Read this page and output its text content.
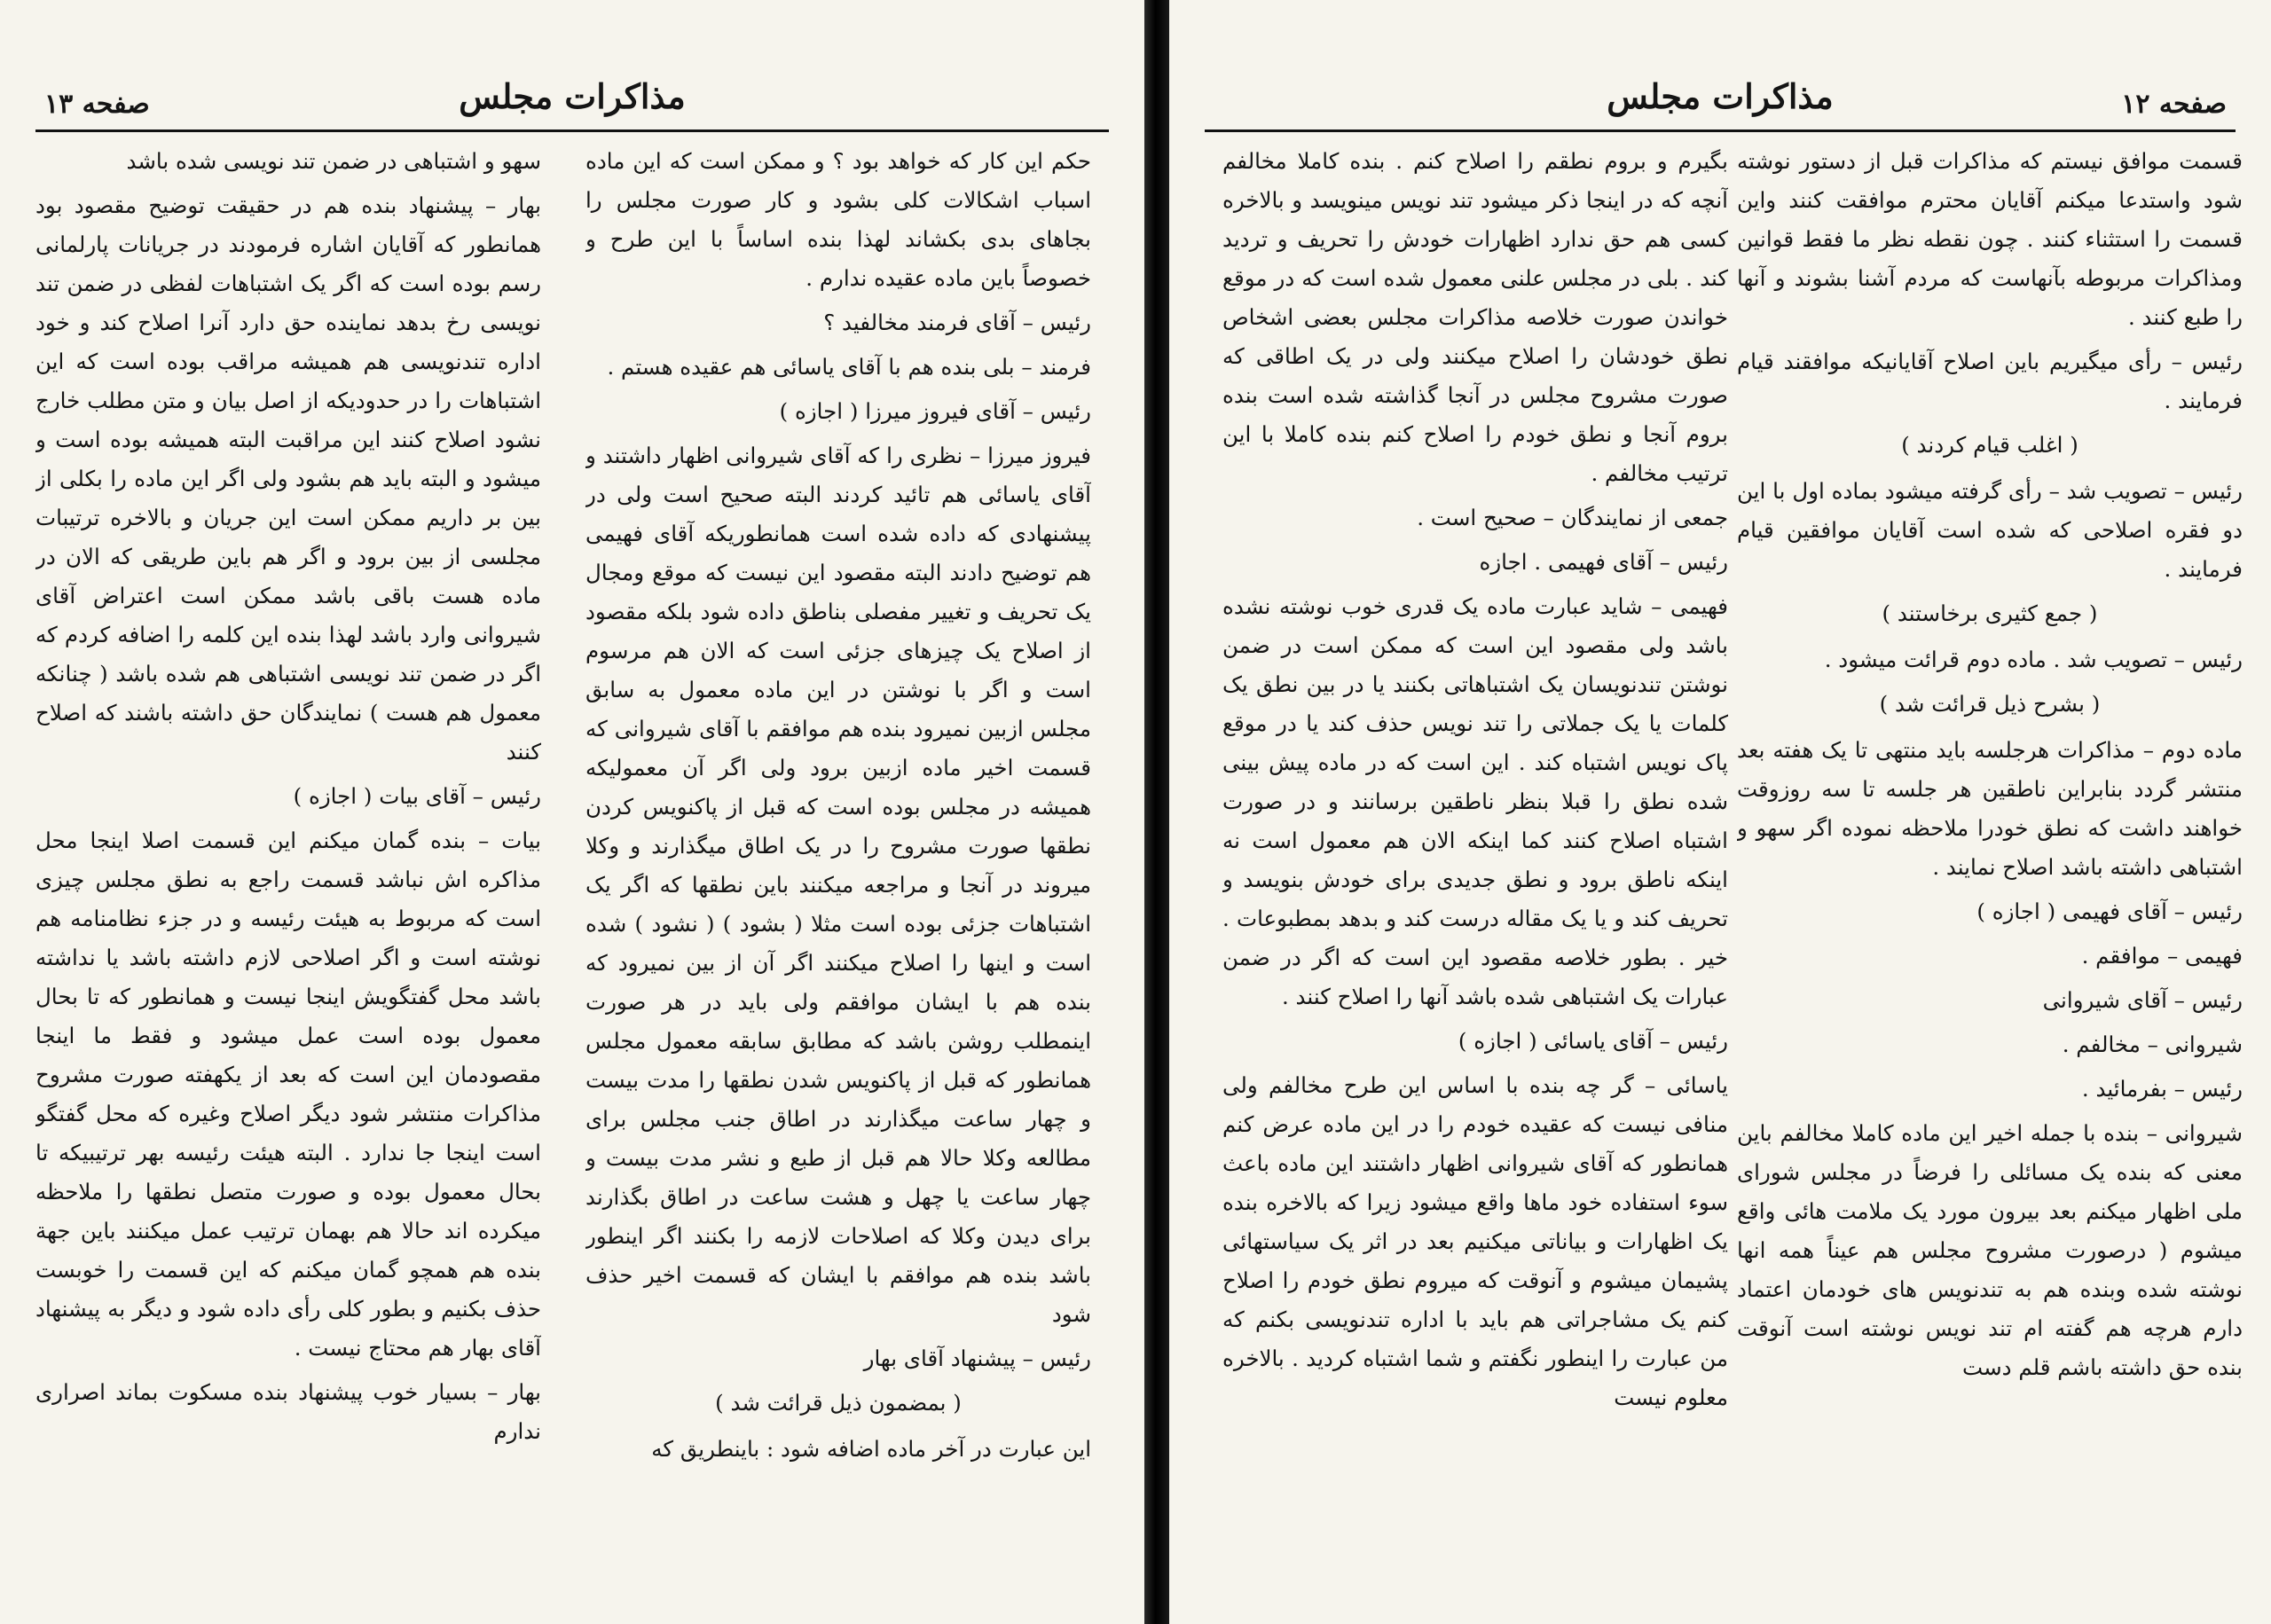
مذاکرات مجلس
صفحه ۱۳

حکم این کار که خواهد بود ؟ و ممکن است که این ماده اسباب اشکالات کلی بشود و کار صورت مجلس را بجاهای بدی بکشاند لهذا بنده اساساً با این طرح و خصوصاً باین ماده عقیده ندارم .

رئیس – آقای فرمند مخالفید ؟

فرمند – بلی بنده هم با آقای یاسائی هم عقیده هستم .

رئیس – آقای فیروز میرزا ( اجازه )

فیروز میرزا – نظری را که آقای شیروانی اظهار داشتند و آقای یاسائی هم تائید کردند البته صحیح است ولی در پیشنهادی که داده شده است همانطوریکه آقای فهیمی هم توضیح دادند البته مقصود این نیست که موقع ومجال یک تحریف و تغییر مفصلی بناطق داده شود بلکه مقصود از اصلاح یک چیزهای جزئی است که الان هم مرسوم است و اگر با نوشتن در این ماده معمول به سابق مجلس ازبین نمیرود بنده هم موافقم با آقای شیروانی که قسمت اخیر ماده ازبین برود ولی اگر آن معمولیکه همیشه در مجلس بوده است که قبل از پاکنویس کردن نطقها صورت مشروح را در یک اطاق میگذارند و وکلا میروند در آنجا و مراجعه میکنند باین نطقها که اگر یک اشتباهات جزئی بوده است مثلا ( بشود ) ( نشود ) شده است و اینها را اصلاح میکنند اگر آن از بین نمیرود که بنده هم با ایشان موافقم ولی باید در هر صورت اینمطلب روشن باشد که مطابق سابقه معمول مجلس همانطور که قبل از پاکنویس شدن نطقها را مدت بیست و چهار ساعت میگذارند در اطاق جنب مجلس برای مطالعه وکلا حالا هم قبل از طبع و نشر مدت بیست و چهار ساعت یا چهل و هشت ساعت در اطاق بگذارند برای دیدن وکلا که اصلاحات لازمه را بکنند اگر اینطور باشد بنده هم موافقم با ایشان که قسمت اخیر حذف شود

رئیس – پیشنهاد آقای بهار

( بمضمون ذیل قرائت شد )

این عبارت در آخر ماده اضافه شود : باینطریق که

سهو و اشتباهی در ضمن تند نویسی شده باشد

بهار – پیشنهاد بنده هم در حقیقت توضیح مقصود بود همانطور که آقایان اشاره فرمودند در جریانات پارلمانی رسم بوده است که اگر یک اشتباهات لفظی در ضمن تند نویسی رخ بدهد نماینده حق دارد آنرا اصلاح کند و خود اداره تندنویسی هم همیشه مراقب بوده است که این اشتباهات را در حدودیکه از اصل بیان و متن مطلب خارج نشود اصلاح کنند این مراقبت البته همیشه بوده است و میشود و البته باید هم بشود ولی اگر این ماده را بکلی از بین بر داریم ممکن است این جریان و بالاخره ترتیبات مجلسی از بین برود و اگر هم باین طریقی که الان در ماده هست باقی باشد ممکن است اعتراض آقای شیروانی وارد باشد لهذا بنده این کلمه را اضافه کردم که اگر در ضمن تند نویسی اشتباهی هم شده باشد ( چنانکه معمول هم هست ) نمایندگان حق داشته باشند که اصلاح کنند

رئیس – آقای بیات ( اجازه )

بیات – بنده گمان میکنم این قسمت اصلا اینجا محل مذاکره اش نباشد قسمت راجع به نطق مجلس چیزی است که مربوط به هیئت رئیسه و در جزء نظامنامه هم نوشته است و اگر اصلاحی لازم داشته باشد یا نداشته باشد محل گفتگویش اینجا نیست و همانطور که تا بحال معمول بوده است عمل میشود و فقط ما اینجا مقصودمان این است که بعد از یکهفته صورت مشروح مذاکرات منتشر شود دیگر اصلاح وغیره که محل گفتگو است اینجا جا ندارد . البته هیئت رئیسه بهر ترتیبیکه تا بحال معمول بوده و صورت متصل نطقها را ملاحظه میکرده اند حالا هم بهمان ترتیب عمل میکنند باین جهة بنده هم همچو گمان میکنم که این قسمت را خوبست حذف بکنیم و بطور کلی رأی داده شود و دیگر به پیشنهاد آقای بهار هم محتاج نیست .

بهار – بسیار خوب پیشنهاد بنده مسکوت بماند اصراری ندارم

مذاکرات مجلس	صفحه ۱۲

قسمت موافق نیستم که مذاکرات قبل از دستور نوشته شود واستدعا میکنم آقایان محترم موافقت کنند واین قسمت را استثناء کنند . چون نقطه نظر ما فقط قوانین ومذاکرات مربوطه بآنهاست که مردم آشنا بشوند و آنها را طبع کنند .

رئیس – رأی میگیریم باین اصلاح آقایانیکه موافقند قیام فرمایند .

( اغلب قیام کردند )

رئیس – تصویب شد – رأی گرفته میشود بماده اول با این دو فقره اصلاحی که شده است آقایان موافقین قیام فرمایند .

( جمع کثیری برخاستند )

رئیس – تصویب شد . ماده دوم قرائت میشود .

( بشرح ذیل قرائت شد )

ماده دوم – مذاکرات هرجلسه باید منتهی تا یک هفته بعد منتشر گردد بنابراین ناطقین هر جلسه تا سه روزوقت خواهند داشت که نطق خودرا ملاحظه نموده اگر سهو و اشتباهی داشته باشد اصلاح نمایند .

رئیس – آقای فهیمی ( اجازه )

فهیمی – موافقم .

رئیس – آقای شیروانی

شیروانی – مخالفم .

رئیس – بفرمائید .

شیروانی – بنده با جمله اخیر این ماده کاملا مخالفم باین معنی که بنده یک مسائلی را فرضاً در مجلس شورای ملی اظهار میکنم بعد بیرون مورد یک ملامت هائی واقع میشوم ( درصورت مشروح مجلس هم عیناً همه انها نوشته شده وبنده هم به تندنویس های خودمان اعتماد دارم هرچه هم گفته ام تند نویس نوشته است آنوقت بنده حق داشته باشم قلم دست

بگیرم و بروم نطقم را اصلاح کنم . بنده کاملا مخالفم آنچه که در اینجا ذکر میشود تند نویس مینویسد و بالاخره کسی هم حق ندارد اظهارات خودش را تحریف و تردید کند . بلی در مجلس علنی معمول شده است که در موقع خواندن صورت خلاصه مذاکرات مجلس بعضی اشخاص نطق خودشان را اصلاح میکنند ولی در یک اطاقی که صورت مشروح مجلس در آنجا گذاشته شده است بنده بروم آنجا و نطق خودم را اصلاح کنم بنده کاملا با این ترتیب مخالفم .

جمعی از نمایندگان – صحیح است .

رئیس – آقای فهیمی . اجازه

فهیمی – شاید عبارت ماده یک قدری خوب نوشته نشده باشد ولی مقصود این است که ممکن است در ضمن نوشتن تندنویسان یک اشتباهاتی بکنند یا در بین نطق یک کلمات یا یک جملاتی را تند نویس حذف کند یا در موقع پاک نویس اشتباه کند . این است که در ماده پیش بینی شده نطق را قبلا بنظر ناطقین برسانند و در صورت اشتباه اصلاح کنند کما اینکه الان هم معمول است نه اینکه ناطق برود و نطق جدیدی برای خودش بنویسد و تحریف کند و یا یک مقاله درست کند و بدهد بمطبوعات . خیر . بطور خلاصه مقصود این است که اگر در ضمن عبارات یک اشتباهی شده باشد آنها را اصلاح کنند .

رئیس – آقای یاسائی ( اجازه )

یاسائی – گر چه بنده با اساس این طرح مخالفم ولی منافی نیست که عقیده خودم را در این ماده عرض کنم همانطور که آقای شیروانی اظهار داشتند این ماده باعث سوء استفاده خود ماها واقع میشود زیرا که بالاخره بنده یک اظهارات و بیاناتی میکنیم بعد در اثر یک سیاستهائی پشیمان میشوم و آنوقت که میروم نطق خودم را اصلاح کنم یک مشاجراتی هم باید با اداره تندنویسی بکنم که من عبارت را اینطور نگفتم و شما اشتباه کردید . بالاخره معلوم نیست
